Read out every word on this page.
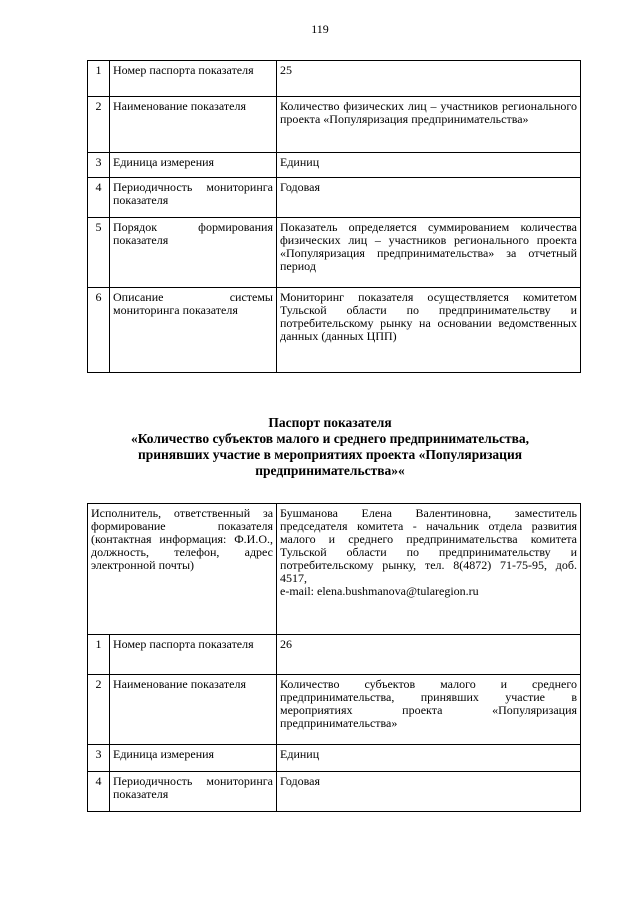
119
1	Номер паспорта показателя	25
2	Наименование показателя	Количество физических лиц – участников регионального проекта «Популяризация предпринимательства»
3	Единица измерения	Единиц
4	Периодичность мониторинга показателя	Годовая
5	Порядок формирования показателя	Показатель определяется суммированием количества физических лиц – участников регионального проекта «Популяризация предпринимательства» за отчетный период
6	Описание системы мониторинга показателя	Мониторинг показателя осуществляется комитетом Тульской области по предпринимательству и потребительскому рынку на основании ведомственных данных (данных ЦПП)
Паспорт показателя
«Количество субъектов малого и среднего предпринимательства,
принявших участие в мероприятиях проекта «Популяризация
предпринимательства»«
Исполнитель, ответственный за формирование показателя (контактная информация: Ф.И.О., должность, телефон, адрес электронной почты)		Бушманова Елена Валентиновна, заместитель председателя комитета - начальник отдела развития малого и среднего предпринимательства комитета Тульской области по предпринимательству и потребительскому рынку, тел. 8(4872) 71-75-95, доб. 4517,
e-mail: elena.bushmanova@tularegion.ru

1	Номер паспорта показателя	26
2	Наименование показателя	Количество субъектов малого и среднего предпринимательства, принявших участие в мероприятиях проекта «Популяризация предпринимательства»
3	Единица измерения	Единиц
4	Периодичность мониторинга показателя	Годовая
